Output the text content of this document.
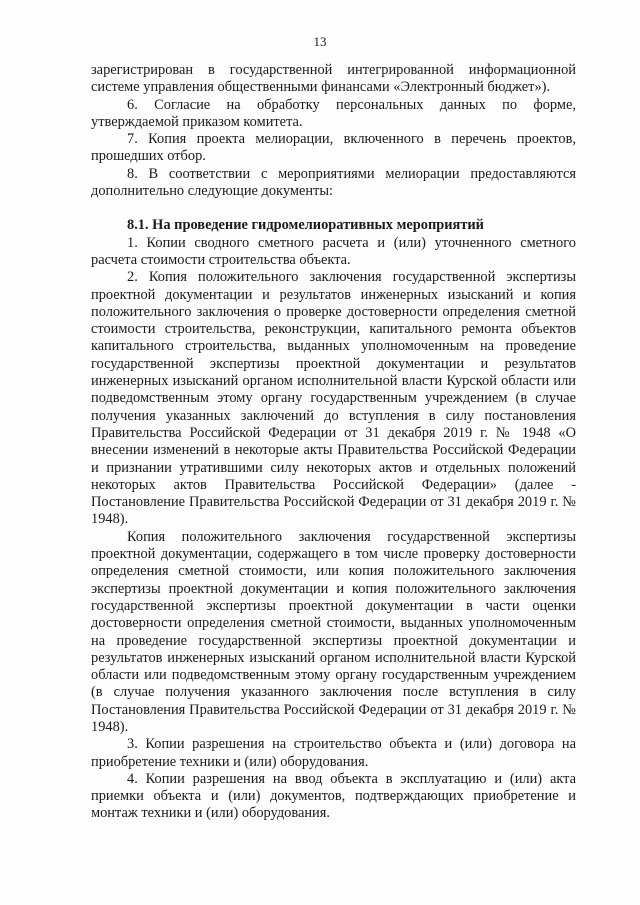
13

зарегистрирован в государственной интегрированной информационной системе управления общественными финансами «Электронный бюджет»).

6. Согласие на обработку персональных данных по форме, утверждаемой приказом комитета.

7. Копия проекта мелиорации, включенного в перечень проектов, прошедших отбор.

8. В соответствии с мероприятиями мелиорации предоставляются дополнительно следующие документы:

8.1. На проведение гидромелиоративных мероприятий

1. Копии сводного сметного расчета и (или) уточненного сметного расчета стоимости строительства объекта.

2. Копия положительного заключения государственной экспертизы проектной документации и результатов инженерных изысканий и копия положительного заключения о проверке достоверности определения сметной стоимости строительства, реконструкции, капитального ремонта объектов капитального строительства, выданных уполномоченным на проведение государственной экспертизы проектной документации и результатов инженерных изысканий органом исполнительной власти Курской области или подведомственным этому органу государственным учреждением (в случае получения указанных заключений до вступления в силу постановления Правительства Российской Федерации от 31 декабря 2019 г. № 1948 «О внесении изменений в некоторые акты Правительства Российской Федерации и признании утратившими силу некоторых актов и отдельных положений некоторых актов Правительства Российской Федерации» (далее - Постановление Правительства Российской Федерации от 31 декабря 2019 г. № 1948).

Копия положительного заключения государственной экспертизы проектной документации, содержащего в том числе проверку достоверности определения сметной стоимости, или копия положительного заключения экспертизы проектной документации и копия положительного заключения государственной экспертизы проектной документации в части оценки достоверности определения сметной стоимости, выданных уполномоченным на проведение государственной экспертизы проектной документации и результатов инженерных изысканий органом исполнительной власти Курской области или подведомственным этому органу государственным учреждением (в случае получения указанного заключения после вступления в силу Постановления Правительства Российской Федерации от 31 декабря 2019 г. № 1948).

3. Копии разрешения на строительство объекта и (или) договора на приобретение техники и (или) оборудования.

4. Копии разрешения на ввод объекта в эксплуатацию и (или) акта приемки объекта и (или) документов, подтверждающих приобретение и монтаж техники и (или) оборудования.
